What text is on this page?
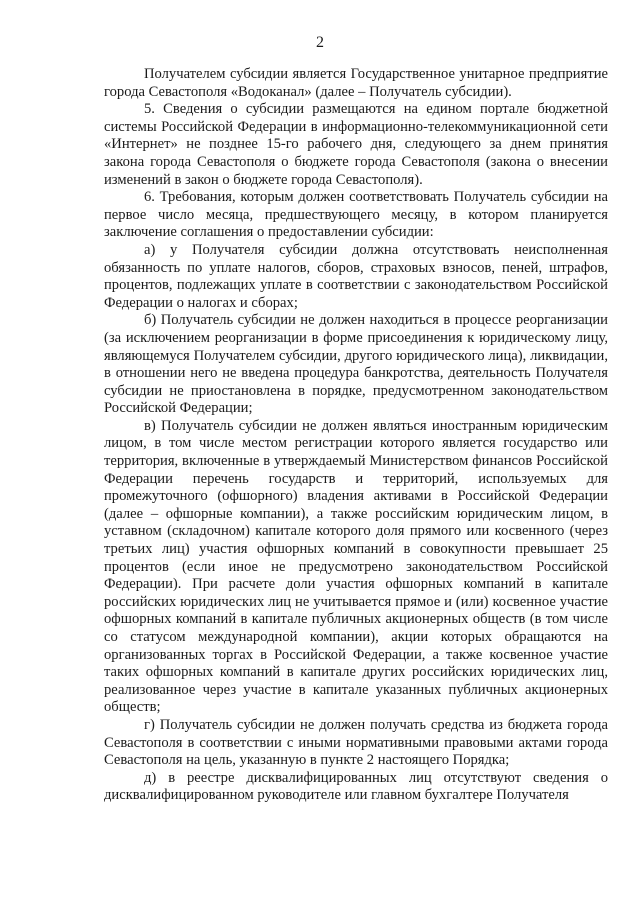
2

Получателем субсидии является Государственное унитарное предприятие города Севастополя «Водоканал» (далее – Получатель субсидии).

5. Сведения о субсидии размещаются на едином портале бюджетной системы Российской Федерации в информационно-телекоммуникационной сети «Интернет» не позднее 15-го рабочего дня, следующего за днем принятия закона города Севастополя о бюджете города Севастополя (закона о внесении изменений в закон о бюджете города Севастополя).

6. Требования, которым должен соответствовать Получатель субсидии на первое число месяца, предшествующего месяцу, в котором планируется заключение соглашения о предоставлении субсидии:

а) у Получателя субсидии должна отсутствовать неисполненная обязанность по уплате налогов, сборов, страховых взносов, пеней, штрафов, процентов, подлежащих уплате в соответствии с законодательством Российской Федерации о налогах и сборах;

б) Получатель субсидии не должен находиться в процессе реорганизации (за исключением реорганизации в форме присоединения к юридическому лицу, являющемуся Получателем субсидии, другого юридического лица), ликвидации, в отношении него не введена процедура банкротства, деятельность Получателя субсидии не приостановлена в порядке, предусмотренном законодательством Российской Федерации;

в) Получатель субсидии не должен являться иностранным юридическим лицом, в том числе местом регистрации которого является государство или территория, включенные в утверждаемый Министерством финансов Российской Федерации перечень государств и территорий, используемых для промежуточного (офшорного) владения активами в Российской Федерации (далее – офшорные компании), а также российским юридическим лицом, в уставном (складочном) капитале которого доля прямого или косвенного (через третьих лиц) участия офшорных компаний в совокупности превышает 25 процентов (если иное не предусмотрено законодательством Российской Федерации). При расчете доли участия офшорных компаний в капитале российских юридических лиц не учитывается прямое и (или) косвенное участие офшорных компаний в капитале публичных акционерных обществ (в том числе со статусом международной компании), акции которых обращаются на организованных торгах в Российской Федерации, а также косвенное участие таких офшорных компаний в капитале других российских юридических лиц, реализованное через участие в капитале указанных публичных акционерных обществ;

г) Получатель субсидии не должен получать средства из бюджета города Севастополя в соответствии с иными нормативными правовыми актами города Севастополя на цель, указанную в пункте 2 настоящего Порядка;

д) в реестре дисквалифицированных лиц отсутствуют сведения о дисквалифицированном руководителе или главном бухгалтере Получателя
